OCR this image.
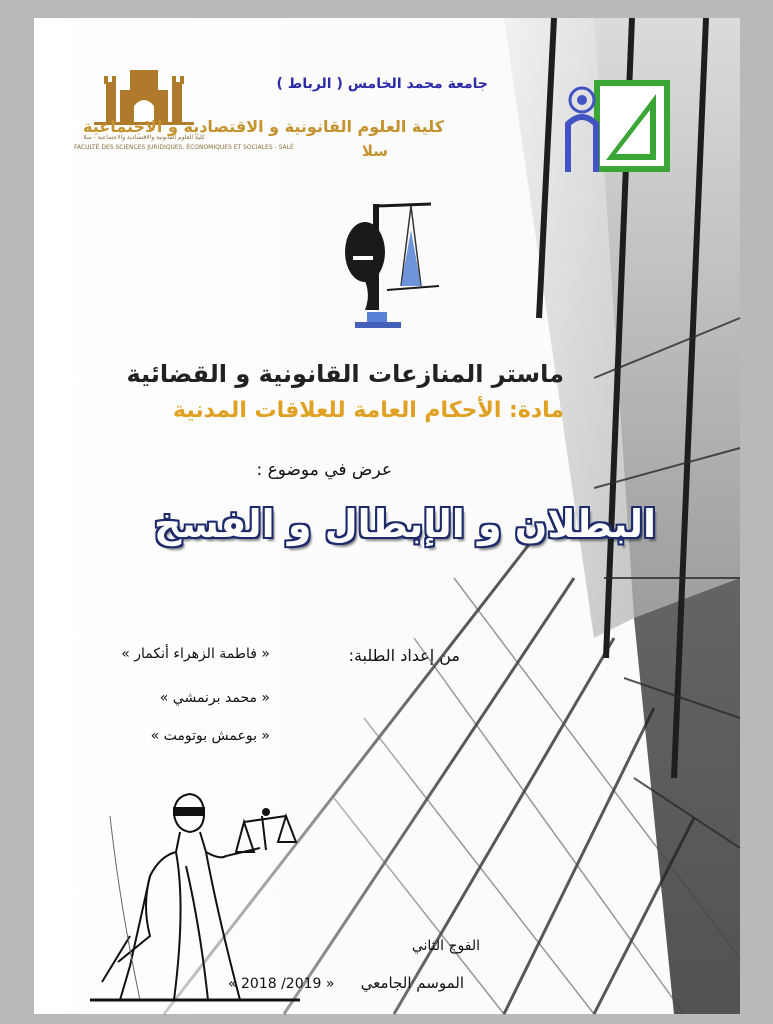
كلية العلوم القانونية والاقتصادية والاجتماعية - سلا
FACULTÉ DES SCIENCES JURIDIQUES, ÉCONOMIQUES ET SOCIALES - SALÉ

جامعة محمد الخامس ( الرباط )

كلية العلوم القانونية و الاقتصادية و الاجتماعية

سلا

ماستر المنازعات القانونية و القضائية

مادة: الأحكام العامة للعلاقات المدنية

عرض في موضوع :

البطلان و الإبطال و الفسخ

من إعداد الطلبة:

« فاطمة الزهراء أنكمار »

« محمد برنمشي »

« بوعمش بوتومت »

الفوج الثاني

الموسم الجامعي

« 2018 /2019 »
